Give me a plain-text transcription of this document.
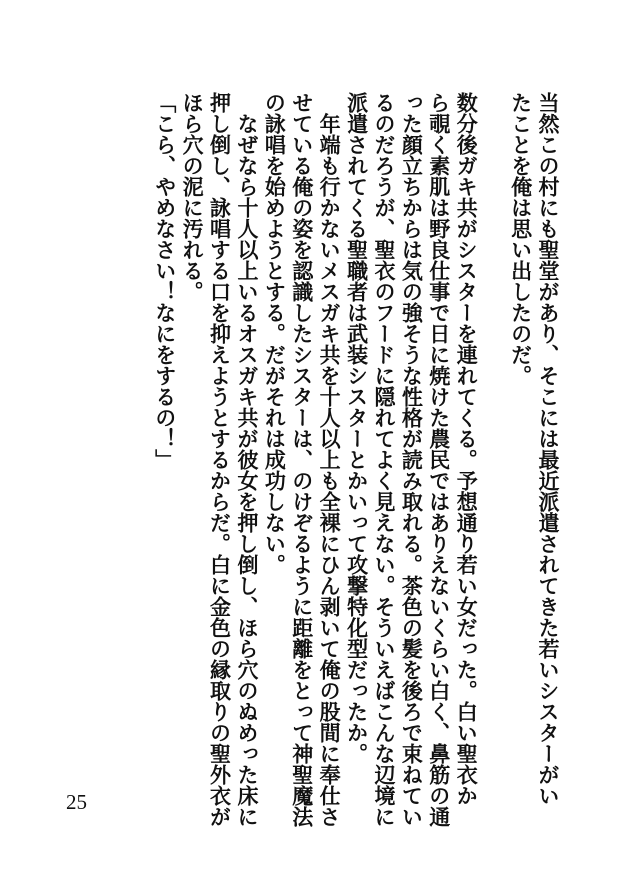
当然この村にも聖堂があり、そこには最近派遣されてきた若いシスターがい
たことを俺は思い出したのだ。
数分後ガキ共がシスターを連れてくる。予想通り若い女だった。白い聖衣か
ら覗く素肌は野良仕事で日に焼けた農民ではありえないくらい白く、鼻筋の通
った顔立ちからは気の強そうな性格が読み取れる。茶色の髪を後ろで束ねてい
るのだろうが、聖衣のフードに隠れてよく見えない。そういえばこんな辺境に
派遣されてくる聖職者は武装シスターとかいって攻撃特化型だったか。
　年端も行かないメスガキ共を十人以上も全裸にひん剥いて俺の股間に奉仕さ
せている俺の姿を認識したシスターは、のけぞるように距離をとって神聖魔法
の詠唱を始めようとする。だがそれは成功しない。
　なぜなら十人以上いるオスガキ共が彼女を押し倒し、ほら穴のぬめった床に
押し倒し、詠唱する口を抑えようとするからだ。白に金色の縁取りの聖外衣が
ほら穴の泥に汚れる。
「こら、やめなさい！なにをするの！」
25
